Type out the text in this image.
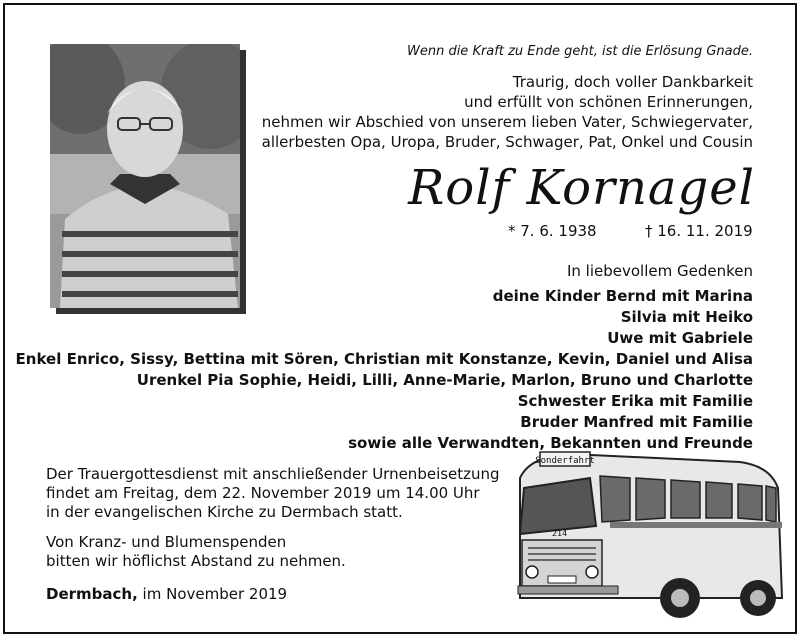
Wenn die Kraft zu Ende geht, ist die Erlösung Gnade.
Traurig, doch voller Dankbarkeit
und erfüllt von schönen Erinnerungen,
nehmen wir Abschied von unserem lieben Vater, Schwiegervater,
allerbesten Opa, Uropa, Bruder, Schwager, Pat, Onkel und Cousin
Rolf Kornagel
* 7. 6. 1938	† 16. 11. 2019
In liebevollem Gedenken
deine Kinder Bernd mit Marina
Silvia mit Heiko
Uwe mit Gabriele
Enkel Enrico, Sissy, Bettina mit Sören, Christian mit Konstanze, Kevin, Daniel und Alisa
Urenkel Pia Sophie, Heidi, Lilli, Anne-Marie, Marlon, Bruno und Charlotte
Schwester Erika mit Familie
Bruder Manfred mit Familie
sowie alle Verwandten, Bekannten und Freunde
Der Trauergottesdienst mit anschließender Urnenbeisetzung
findet am Freitag, dem 22. November 2019 um 14.00 Uhr
in der evangelischen Kirche zu Dermbach statt.
Von Kranz- und Blumenspenden
bitten wir höflichst Abstand zu nehmen.
Dermbach, im November 2019
Sonderfahrt
214
